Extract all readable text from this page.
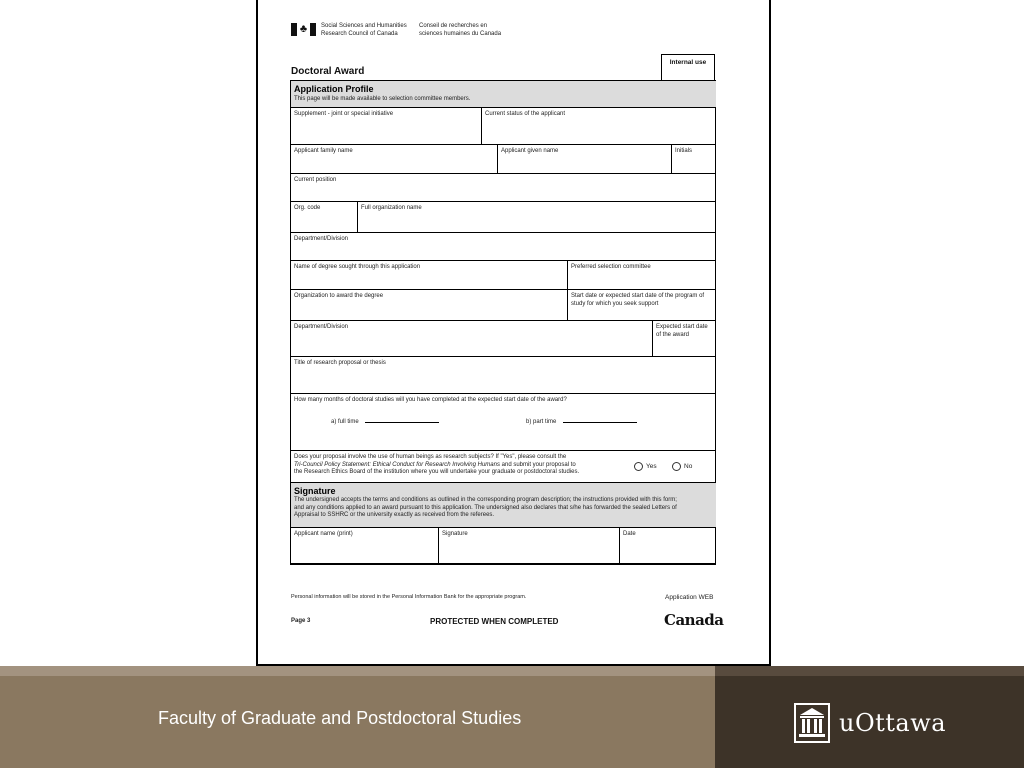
♣	Social Sciences and Humanities
Research Council of Canada
Conseil de recherches en
sciences humaines du Canada
Doctoral Award
Internal use
Application Profile
This page will be made available to selection committee members.
Supplement - joint or special initiative	Current status of the applicant
Applicant family name	Applicant given name	Initials
Current position
Org. code	Full organization name
Department/Division
Name of degree sought through this application	Preferred selection committee
Organization to award the degree	Start date or expected start date of the program of study for which you seek support
Department/Division	Expected start date of the award
Title of research proposal or thesis
How many months of doctoral studies will you have completed at the expected start date of the award?
a) full time	b) part time
Does your proposal involve the use of human beings as research subjects? If "Yes", please consult the
Tri-Council Policy Statement: Ethical Conduct for Research Involving Humans and submit your proposal to
the Research Ethics Board of the institution where you will undertake your graduate or postdoctoral studies.
Yes	No
Signature
The undersigned accepts the terms and conditions as outlined in the corresponding program description; the instructions provided with this form; and any conditions applied to an award pursuant to this application. The undersigned also declares that s/he has forwarded the sealed Letters of Appraisal to SSHRC or the university exactly as received from the referees.
Applicant name (print)	Signature	Date
Personal information will be stored in the Personal Information Bank for the appropriate program.	Application WEB
Page 3	PROTECTED WHEN COMPLETED	Canada
Faculty of Graduate and Postdoctoral Studies	uOttawa
